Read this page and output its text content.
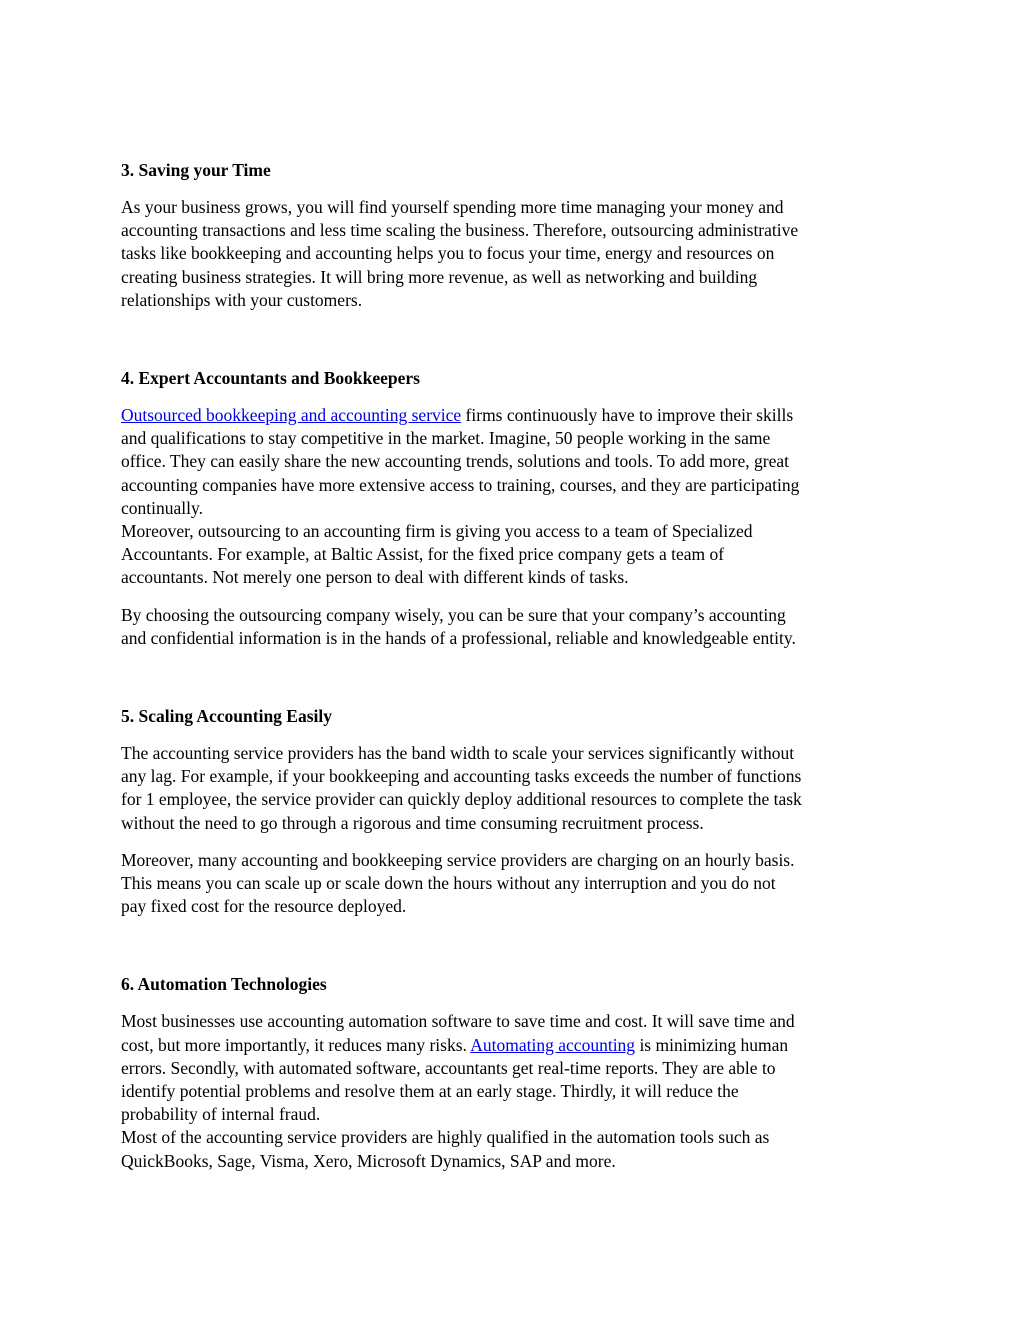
3. Saving your Time

As your business grows, you will find yourself spending more time managing your money and
accounting transactions and less time scaling the business. Therefore, outsourcing administrative
tasks like bookkeeping and accounting helps you to focus your time, energy and resources on
creating business strategies. It will bring more revenue, as well as networking and building
relationships with your customers.

4. Expert Accountants and Bookkeepers

Outsourced bookkeeping and accounting service firms continuously have to improve their skills
and qualifications to stay competitive in the market. Imagine, 50 people working in the same
office. They can easily share the new accounting trends, solutions and tools. To add more, great
accounting companies have more extensive access to training, courses, and they are participating
continually.
Moreover, outsourcing to an accounting firm is giving you access to a team of Specialized
Accountants. For example, at Baltic Assist, for the fixed price company gets a team of
accountants. Not merely one person to deal with different kinds of tasks.

By choosing the outsourcing company wisely, you can be sure that your company’s accounting
and confidential information is in the hands of a professional, reliable and knowledgeable entity.

5. Scaling Accounting Easily

The accounting service providers has the band width to scale your services significantly without
any lag. For example, if your bookkeeping and accounting tasks exceeds the number of functions
for 1 employee, the service provider can quickly deploy additional resources to complete the task
without the need to go through a rigorous and time consuming recruitment process.

Moreover, many accounting and bookkeeping service providers are charging on an hourly basis.
This means you can scale up or scale down the hours without any interruption and you do not
pay fixed cost for the resource deployed.

6. Automation Technologies

Most businesses use accounting automation software to save time and cost. It will save time and
cost, but more importantly, it reduces many risks. Automating accounting is minimizing human
errors. Secondly, with automated software, accountants get real-time reports. They are able to
identify potential problems and resolve them at an early stage. Thirdly, it will reduce the
probability of internal fraud.
Most of the accounting service providers are highly qualified in the automation tools such as
QuickBooks, Sage, Visma, Xero, Microsoft Dynamics, SAP and more.
